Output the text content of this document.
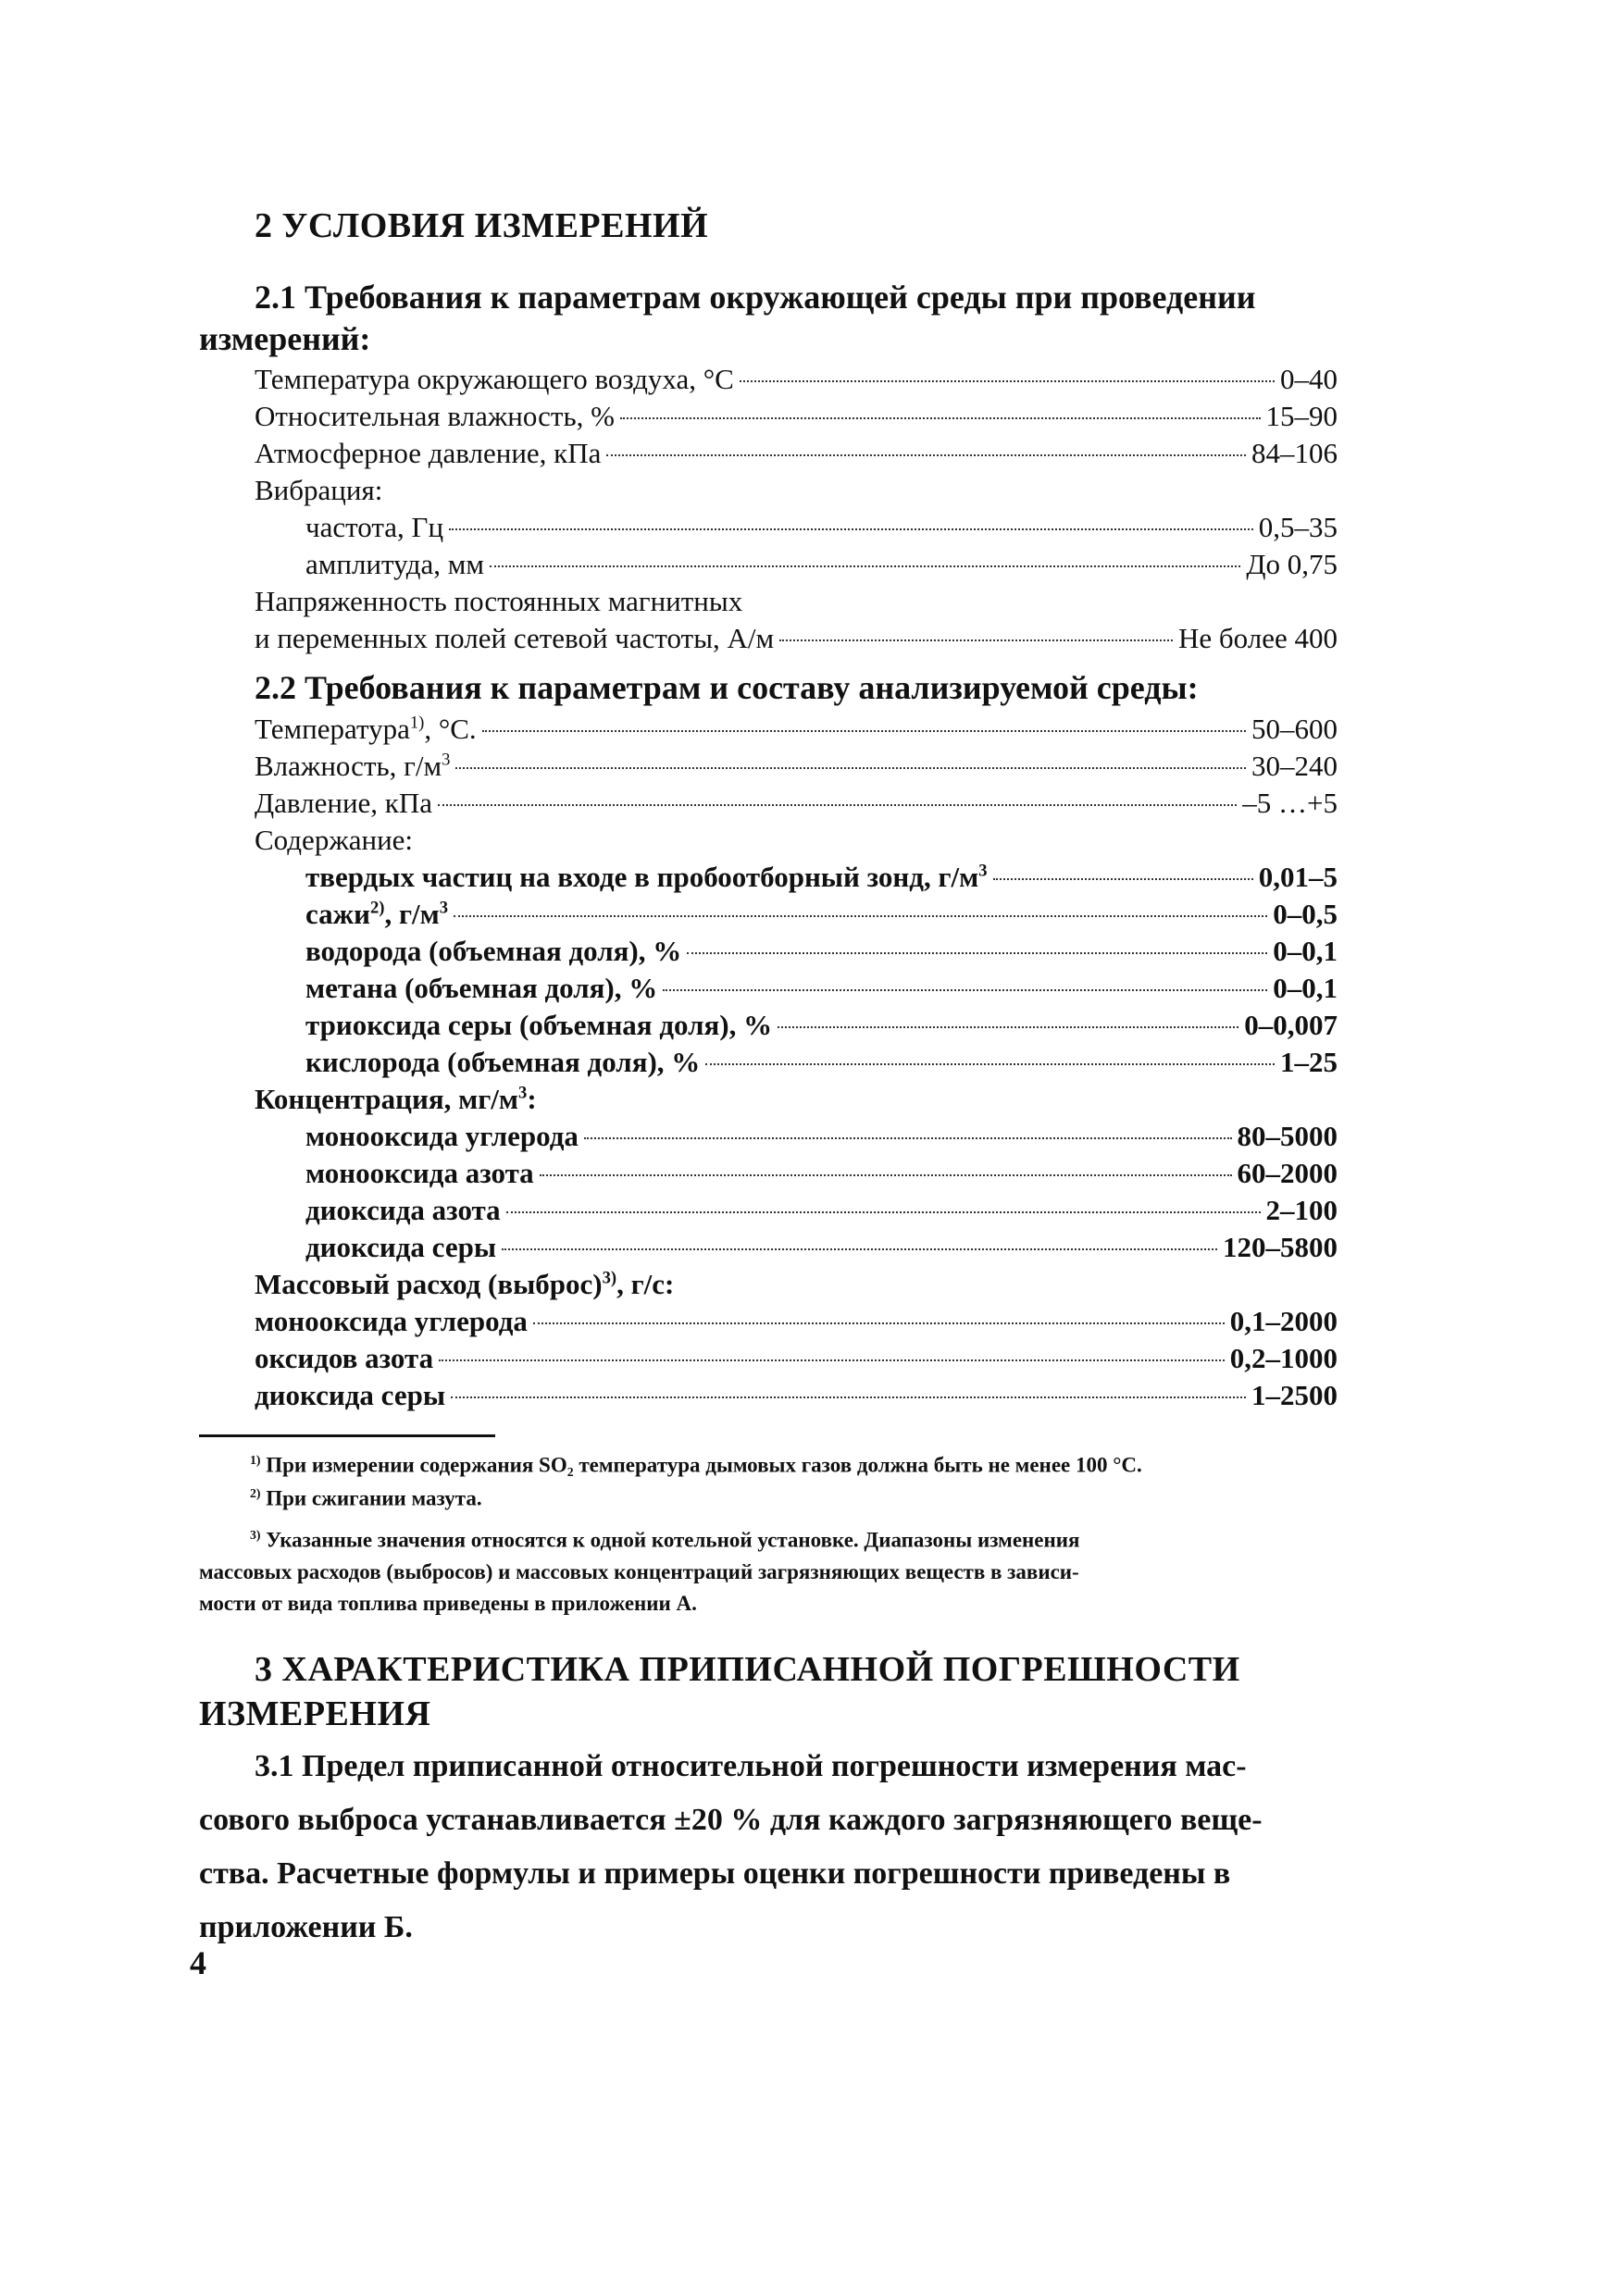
2 УСЛОВИЯ ИЗМЕРЕНИЙ
2.1 Требования к параметрам окружающей среды при проведении
измерений:
Температура окружающего воздуха, °C	0–40
Относительная влажность, %	15–90
Атмосферное давление, кПа	84–106
Вибрация:
частота, Гц	0,5–35
амплитуда, мм	До 0,75
Напряженность постоянных магнитных
и переменных полей сетевой частоты, А/м	Не более 400
2.2 Требования к параметрам и составу анализируемой среды:
Температура$^{1)}$, °С.	50–600
Влажность, $г/м^3$	30–240
Давление, кПа	–5 …+5
Содержание:
твердых частиц на входе в пробоотборный зонд, $г/м^3$	0,01–5
сажи$^{2)}$, $г/м^3$	0–0,5
водорода (объемная доля), %	0–0,1
метана (объемная доля), %	0–0,1
триоксида серы (объемная доля), %	0–0,007
кислорода (объемная доля), %	1–25
Концентрация, $мг/м^3$:
монооксида углерода	80–5000
монооксида азота	60–2000
диоксида азота	2–100
диоксида серы	120–5800
Массовый расход (выброс)$^{3)}$, г/с:
монооксида углерода	0,1–2000
оксидов азота	0,2–1000
диоксида серы	1–2500
$^{1)}$ При измерении содержания SO₂ температура дымовых газов должна быть не менее 100 °С.
$^{2)}$ При сжигании мазута.
$^{3)}$ Указанные значения относятся к одной котельной установке. Диапазоны изменения
массовых расходов (выбросов) и массовых концентраций загрязняющих веществ в зависи-
мости от вида топлива приведены в приложении А.
3 ХАРАКТЕРИСТИКА ПРИПИСАННОЙ ПОГРЕШНОСТИ
ИЗМЕРЕНИЯ
3.1 Предел приписанной относительной погрешности измерения мас-
сового выброса устанавливается ±20 % для каждого загрязняющего веще-
ства. Расчетные формулы и примеры оценки погрешности приведены в
приложении Б.
4
